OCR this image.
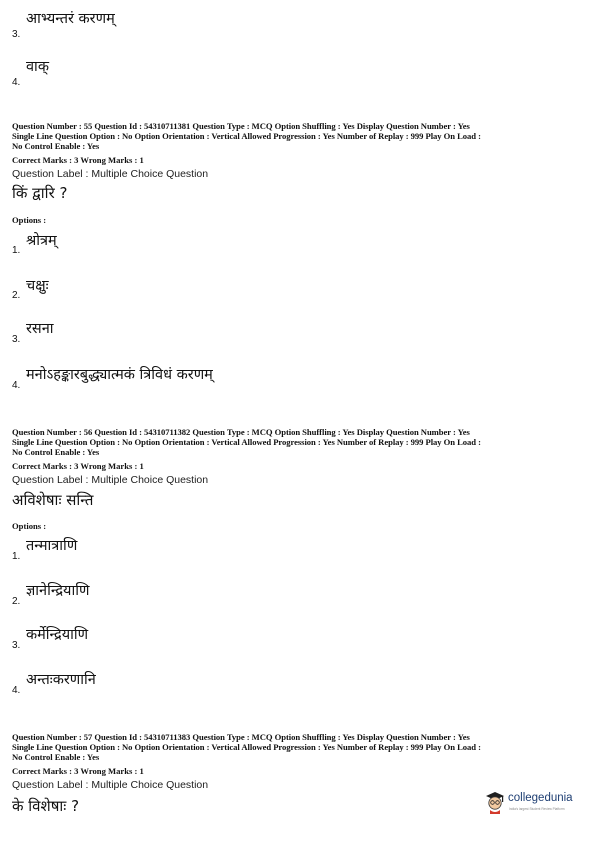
आभ्यन्तरं करणम्
3.
वाक्
4.
Question Number : 55 Question Id : 54310711381 Question Type : MCQ Option Shuffling : Yes Display Question Number : Yes
Single Line Question Option : No Option Orientation : Vertical Allowed Progression : Yes Number of Replay : 999 Play On Load :
No Control Enable : Yes
Correct Marks : 3 Wrong Marks : 1
Question Label : Multiple Choice Question
किं द्वारि ?
Options :
श्रोत्रम्
1.
चक्षुः
2.
रसना
3.
मनोऽहङ्कारबुद्ध्यात्मकं त्रिविधं करणम्
4.
Question Number : 56 Question Id : 54310711382 Question Type : MCQ Option Shuffling : Yes Display Question Number : Yes
Single Line Question Option : No Option Orientation : Vertical Allowed Progression : Yes Number of Replay : 999 Play On Load :
No Control Enable : Yes
Correct Marks : 3 Wrong Marks : 1
Question Label : Multiple Choice Question
अविशेषाः सन्ति
Options :
तन्मात्राणि
1.
ज्ञानेन्द्रियाणि
2.
कर्मेन्द्रियाणि
3.
अन्तःकरणानि
4.
Question Number : 57 Question Id : 54310711383 Question Type : MCQ Option Shuffling : Yes Display Question Number : Yes
Single Line Question Option : No Option Orientation : Vertical Allowed Progression : Yes Number of Replay : 999 Play On Load :
No Control Enable : Yes
Correct Marks : 3 Wrong Marks : 1
Question Label : Multiple Choice Question
के विशेषाः ?	collegedunia
India's largest Student Review Platform
